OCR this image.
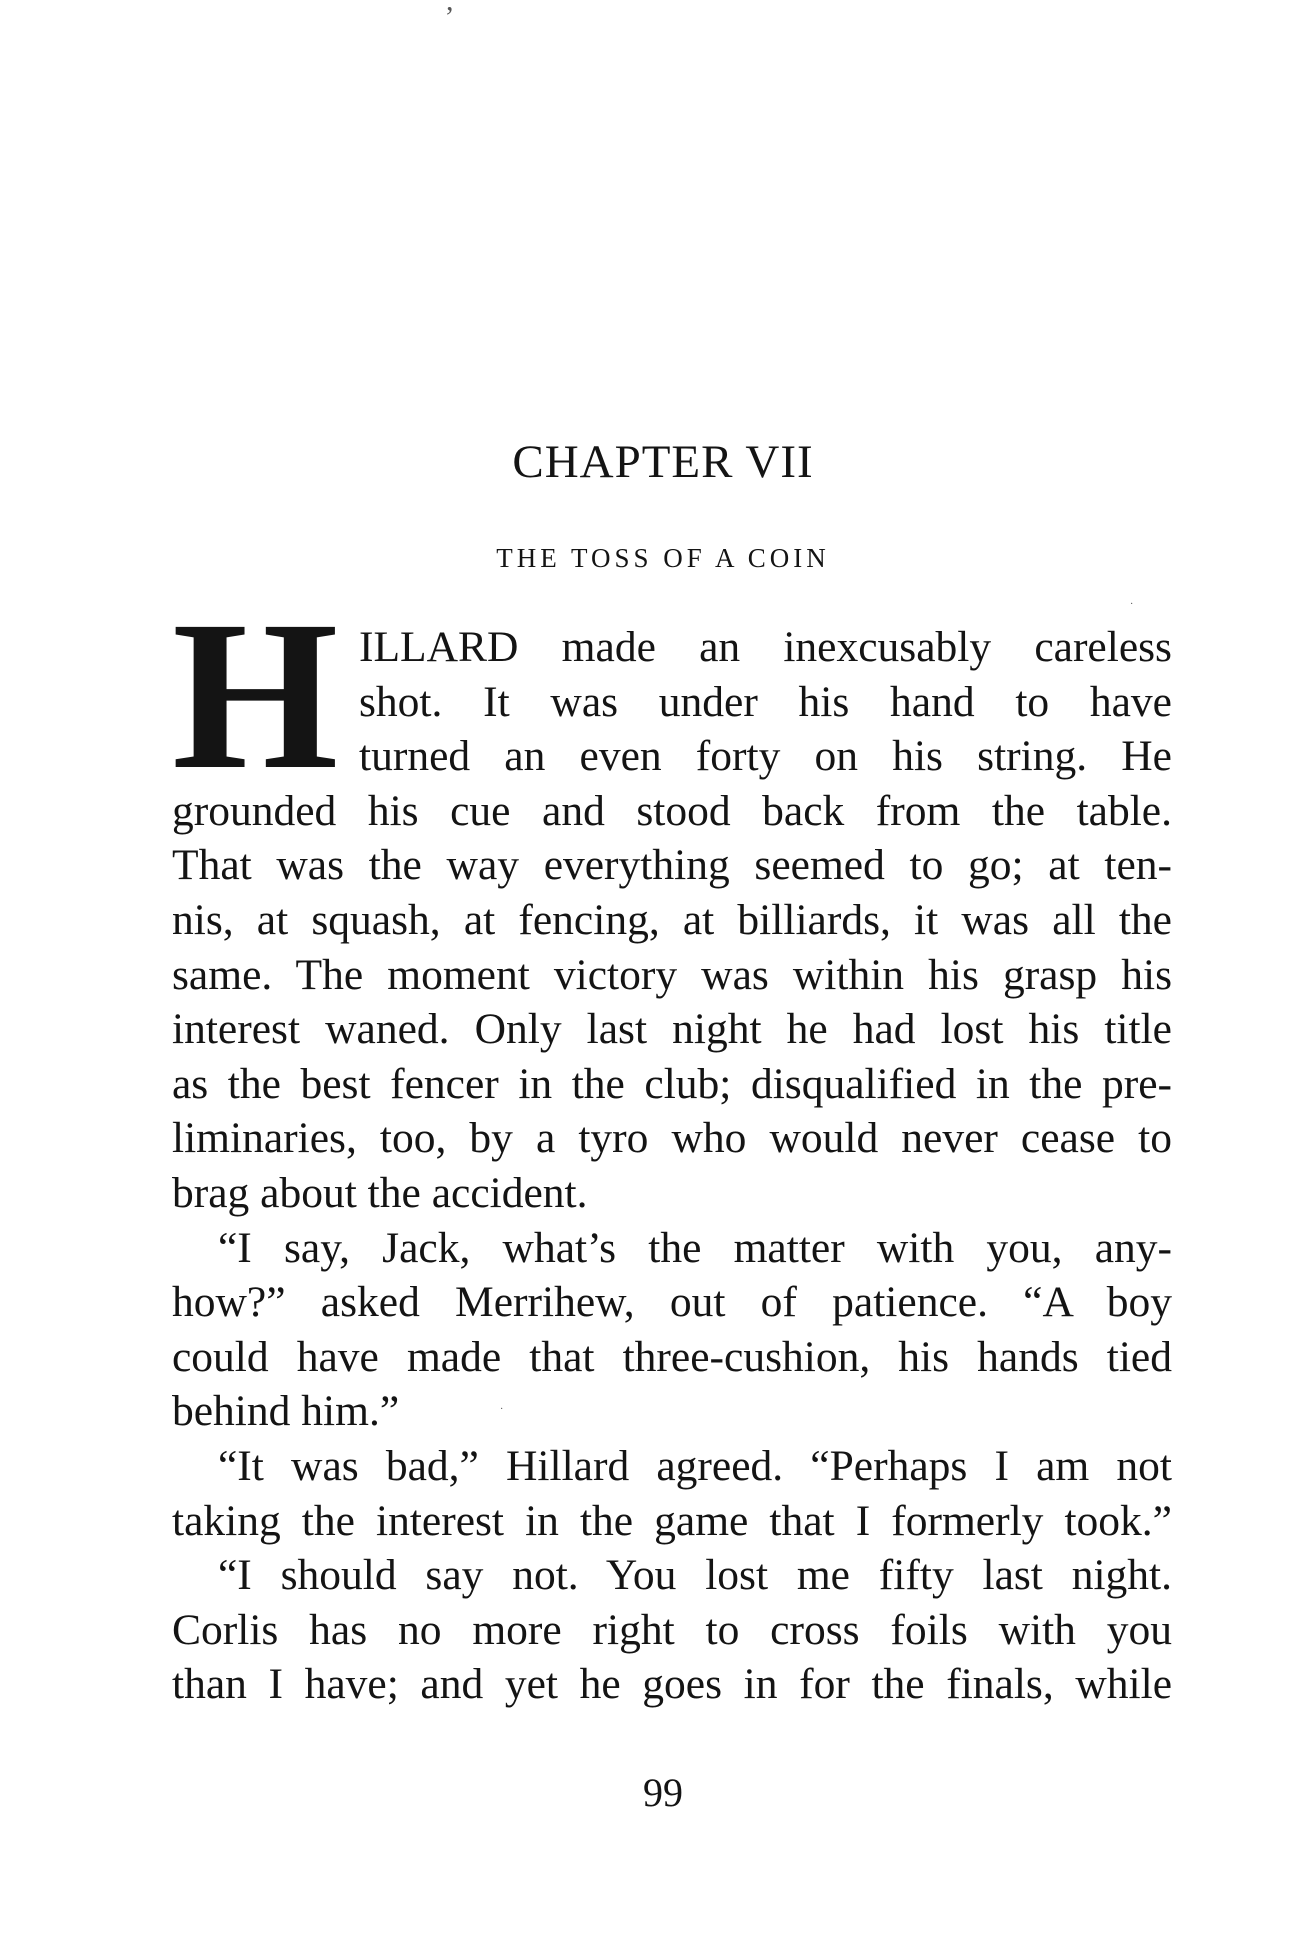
CHAPTER VII
THE TOSS OF A COIN
H ILLARD made an inexcusably careless
shot. It was under his hand to have
turned an even forty on his string. He
grounded his cue and stood back from the table.
That was the way everything seemed to go; at ten-
nis, at squash, at fencing, at billiards, it was all the
same. The moment victory was within his grasp his
interest waned. Only last night he had lost his title
as the best fencer in the club; disqualified in the pre-
liminaries, too, by a tyro who would never cease to
brag about the accident.
“I say, Jack, what’s the matter with you, any-
how?” asked Merrihew, out of patience. “A boy
could have made that three-cushion, his hands tied
behind him.”
“It was bad,” Hillard agreed. “Perhaps I am not
taking the interest in the game that I formerly took.”
“I should say not. You lost me fifty last night.
Corlis has no more right to cross foils with you
than I have; and yet he goes in for the finals, while
99
,
·
·
